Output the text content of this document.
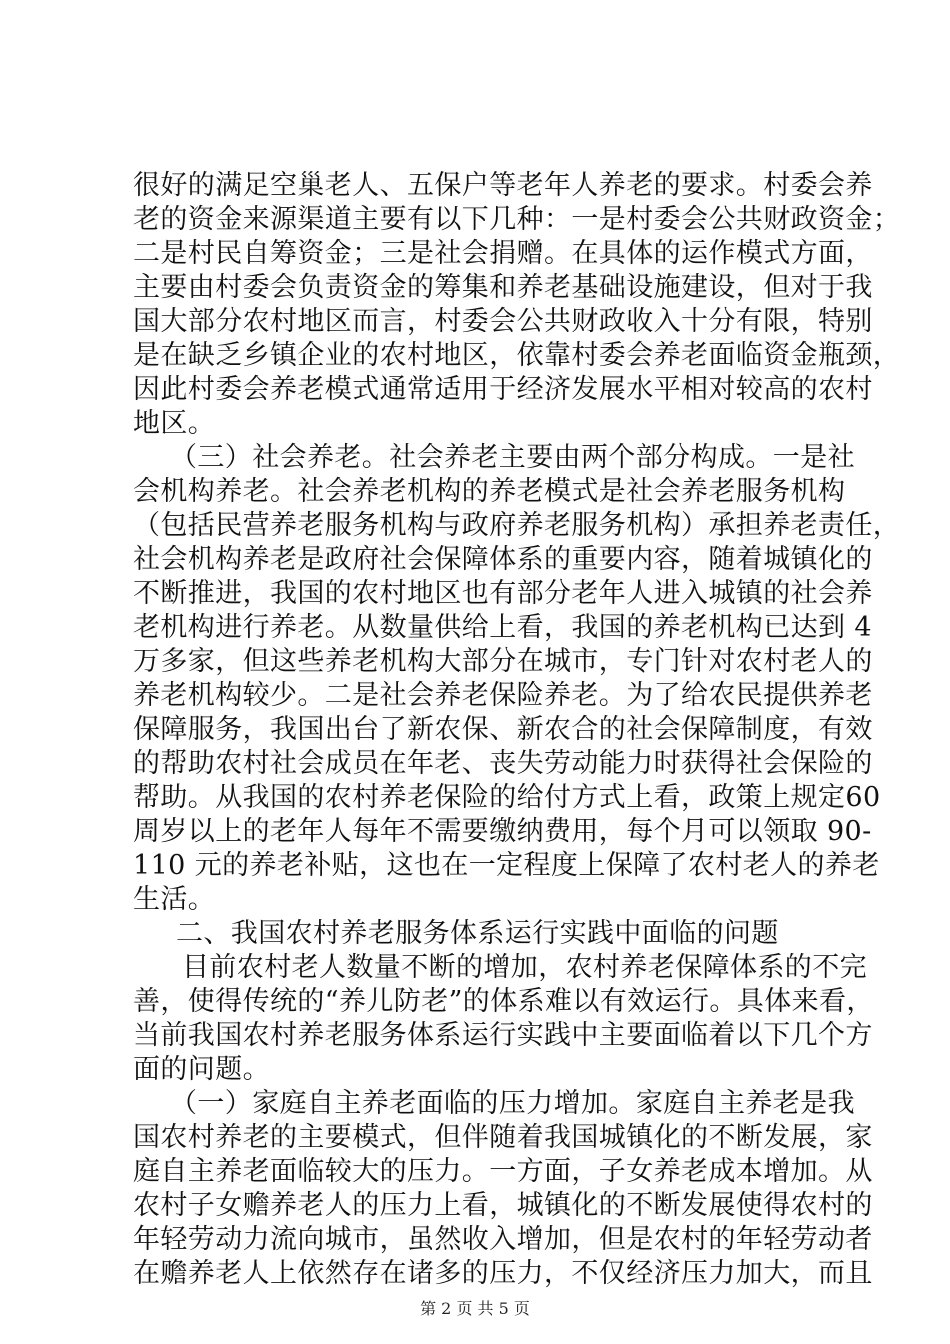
很好的满足空巢老人、五保户等老年人养老的要求。村委会养
老的资金来源渠道主要有以下几种：一是村委会公共财政资金；
二是村民自筹资金；三是社会捐赠。在具体的运作模式方面，
主要由村委会负责资金的筹集和养老基础设施建设，但对于我
国大部分农村地区而言，村委会公共财政收入十分有限，特别
是在缺乏乡镇企业的农村地区，依靠村委会养老面临资金瓶颈，
因此村委会养老模式通常适用于经济发展水平相对较高的农村
地区。
（三）社会养老。社会养老主要由两个部分构成。一是社
会机构养老。社会养老机构的养老模式是社会养老服务机构
（包括民营养老服务机构与政府养老服务机构）承担养老责任，
社会机构养老是政府社会保障体系的重要内容，随着城镇化的
不断推进，我国的农村地区也有部分老年人进入城镇的社会养
老机构进行养老。从数量供给上看，我国的养老机构已达到 4
万多家，但这些养老机构大部分在城市，专门针对农村老人的
养老机构较少。二是社会养老保险养老。为了给农民提供养老
保障服务，我国出台了新农保、新农合的社会保障制度，有效
的帮助农村社会成员在年老、丧失劳动能力时获得社会保险的
帮助。从我国的农村养老保险的给付方式上看，政策上规定60
周岁以上的老年人每年不需要缴纳费用，每个月可以领取 90-
110 元的养老补贴，这也在一定程度上保障了农村老人的养老
生活。
二、我国农村养老服务体系运行实践中面临的问题
目前农村老人数量不断的增加，农村养老保障体系的不完
善，使得传统的“养儿防老”的体系难以有效运行。具体来看，
当前我国农村养老服务体系运行实践中主要面临着以下几个方
面的问题。
（一）家庭自主养老面临的压力增加。家庭自主养老是我
国农村养老的主要模式，但伴随着我国城镇化的不断发展，家
庭自主养老面临较大的压力。一方面，子女养老成本增加。从
农村子女赡养老人的压力上看，城镇化的不断发展使得农村的
年轻劳动力流向城市，虽然收入增加，但是农村的年轻劳动者
在赡养老人上依然存在诸多的压力，不仅经济压力加大，而且
第 2 页 共 5 页
